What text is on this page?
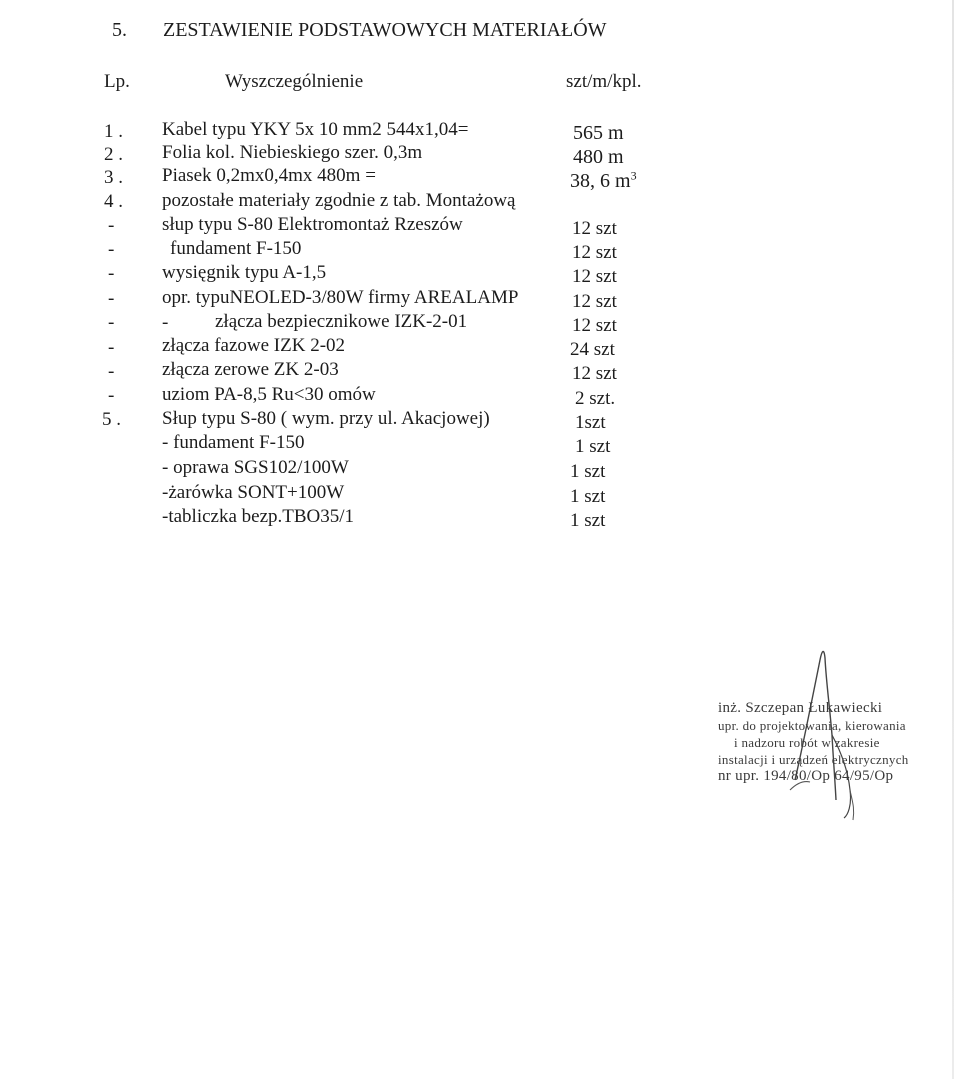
5. ZESTAWIENIE PODSTAWOWYCH MATERIAŁÓW
Lp.	Wyszczególnienie	szt/m/kpl.
1 . Kabel typu YKY 5x 10 mm2 544x1,04=	565 m
2 . Folia kol. Niebieskiego szer. 0,3m	480 m
3 . Piasek 0,2mx0,4mx 480m =	38, 6 $m^3$
4 . pozostałe materiały zgodnie z tab. Montażową
-	słup typu S-80 Elektromontaż Rzeszów	12 szt
-	fundament F-150	12 szt
-	wysięgnik typu A-1,5	12 szt
-	opr. typuNEOLED-3/80W firmy AREALAMP	12 szt
-	- złącza bezpiecznikowe IZK-2-01	12 szt
-	złącza fazowe IZK 2-02	24 szt
-	złącza zerowe ZK 2-03	12 szt
-	uziom PA-8,5 Ru<30 omów	2 szt.
5 . Słup typu S-80 ( wym. przy ul. Akacjowej)	1szt
- fundament F-150	1 szt
- oprawa SGS102/100W	1 szt
-żarówka SONT+100W	1 szt
-tabliczka bezp.TBO35/1	1 szt
inż. Szczepan Łukawiecki
upr. do projektowania, kierowania
i nadzoru robót w zakresie
instalacji i urządzeń elektrycznych
nr upr. 194/80/Op 64/95/Op
